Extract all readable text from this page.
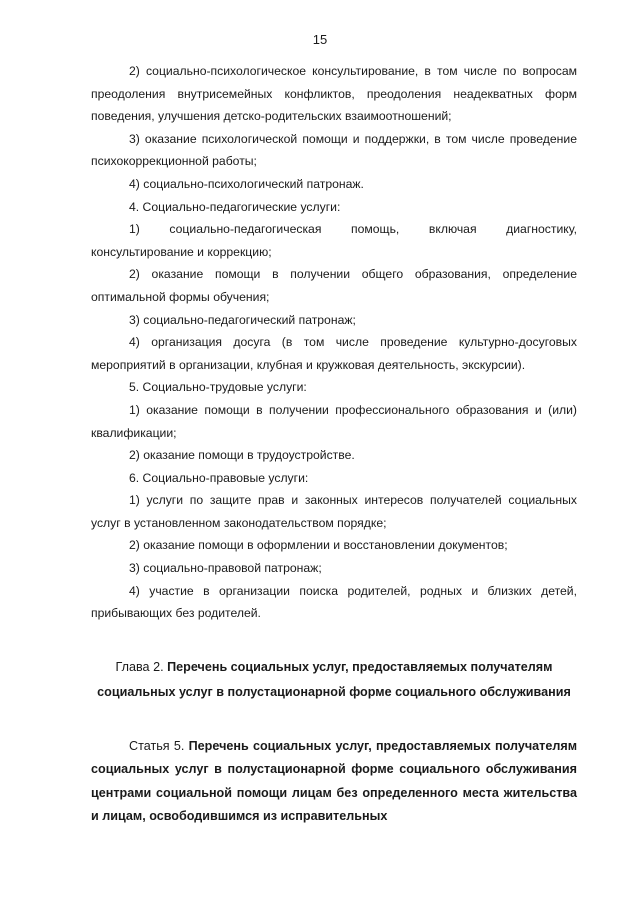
15

2) социально-психологическое консультирование, в том числе по вопросам преодоления внутрисемейных конфликтов, преодоления неадекватных форм поведения, улучшения детско-родительских взаимоотношений;

3) оказание психологической помощи и поддержки, в том числе проведение психокоррекционной работы;

4) социально-психологический патронаж.

4. Социально-педагогические услуги:

1) социально-педагогическая помощь, включая диагностику, консультирование и коррекцию;

2) оказание помощи в получении общего образования, определение оптимальной формы обучения;

3) социально-педагогический патронаж;

4) организация досуга (в том числе проведение культурно-досуговых мероприятий в организации, клубная и кружковая деятельность, экскурсии).

5. Социально-трудовые услуги:

1) оказание помощи в получении профессионального образования и (или) квалификации;

2) оказание помощи в трудоустройстве.

6. Социально-правовые услуги:

1) услуги по защите прав и законных интересов получателей социальных услуг в установленном законодательством порядке;

2) оказание помощи в оформлении и восстановлении документов;

3) социально-правовой патронаж;

4) участие в организации поиска родителей, родных и близких детей, прибывающих без родителей.

Глава 2. Перечень социальных услуг, предоставляемых получателям социальных услуг в полустационарной форме социального обслуживания
Статья 5. Перечень социальных услуг, предоставляемых получателям социальных услуг в полустационарной форме социального обслуживания центрами социальной помощи лицам без определенного места жительства и лицам, освободившимся из исправительных
